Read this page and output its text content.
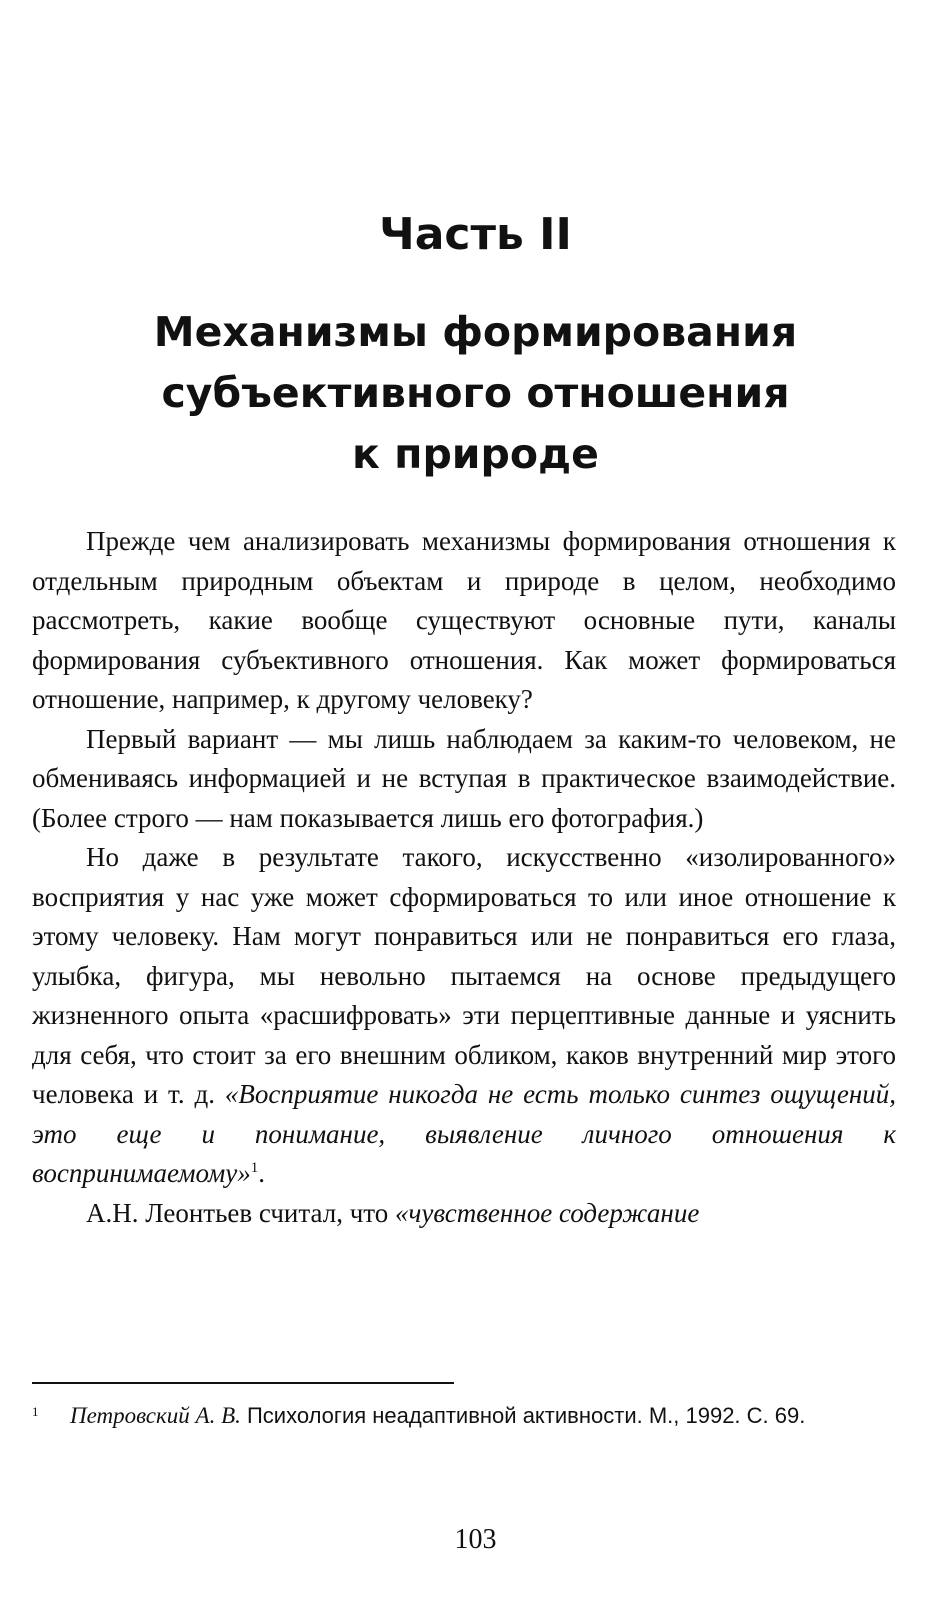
Часть II
Механизмы формирования
субъективного отношения
к природе

Прежде чем анализировать механизмы формирования отношения к отдельным природным объектам и природе в целом, необходимо рассмотреть, какие вообще существуют основные пути, каналы формирования субъективного отношения. Как может формироваться отношение, например, к другому человеку?

Первый вариант — мы лишь наблюдаем за каким-то человеком, не обмениваясь информацией и не вступая в практическое взаимодействие. (Более строго — нам показывается лишь его фотография.)

Но даже в результате такого, искусственно «изолированного» восприятия у нас уже может сформироваться то или иное отношение к этому человеку. Нам могут понравиться или не понравиться его глаза, улыбка, фигура, мы невольно пытаемся на основе предыдущего жизненного опыта «расшифровать» эти перцептивные данные и уяснить для себя, что стоит за его внешним обликом, каков внутренний мир этого человека и т. д. «Восприятие никогда не есть только синтез ощущений, это еще и понимание, выявление личного отношения к воспринимаемому»$^1$.

А.Н. Леонтьев считал, что «чувственное содержание

1	Петровский А. В. Психология неадаптивной активности. М., 1992. С. 69.
103
